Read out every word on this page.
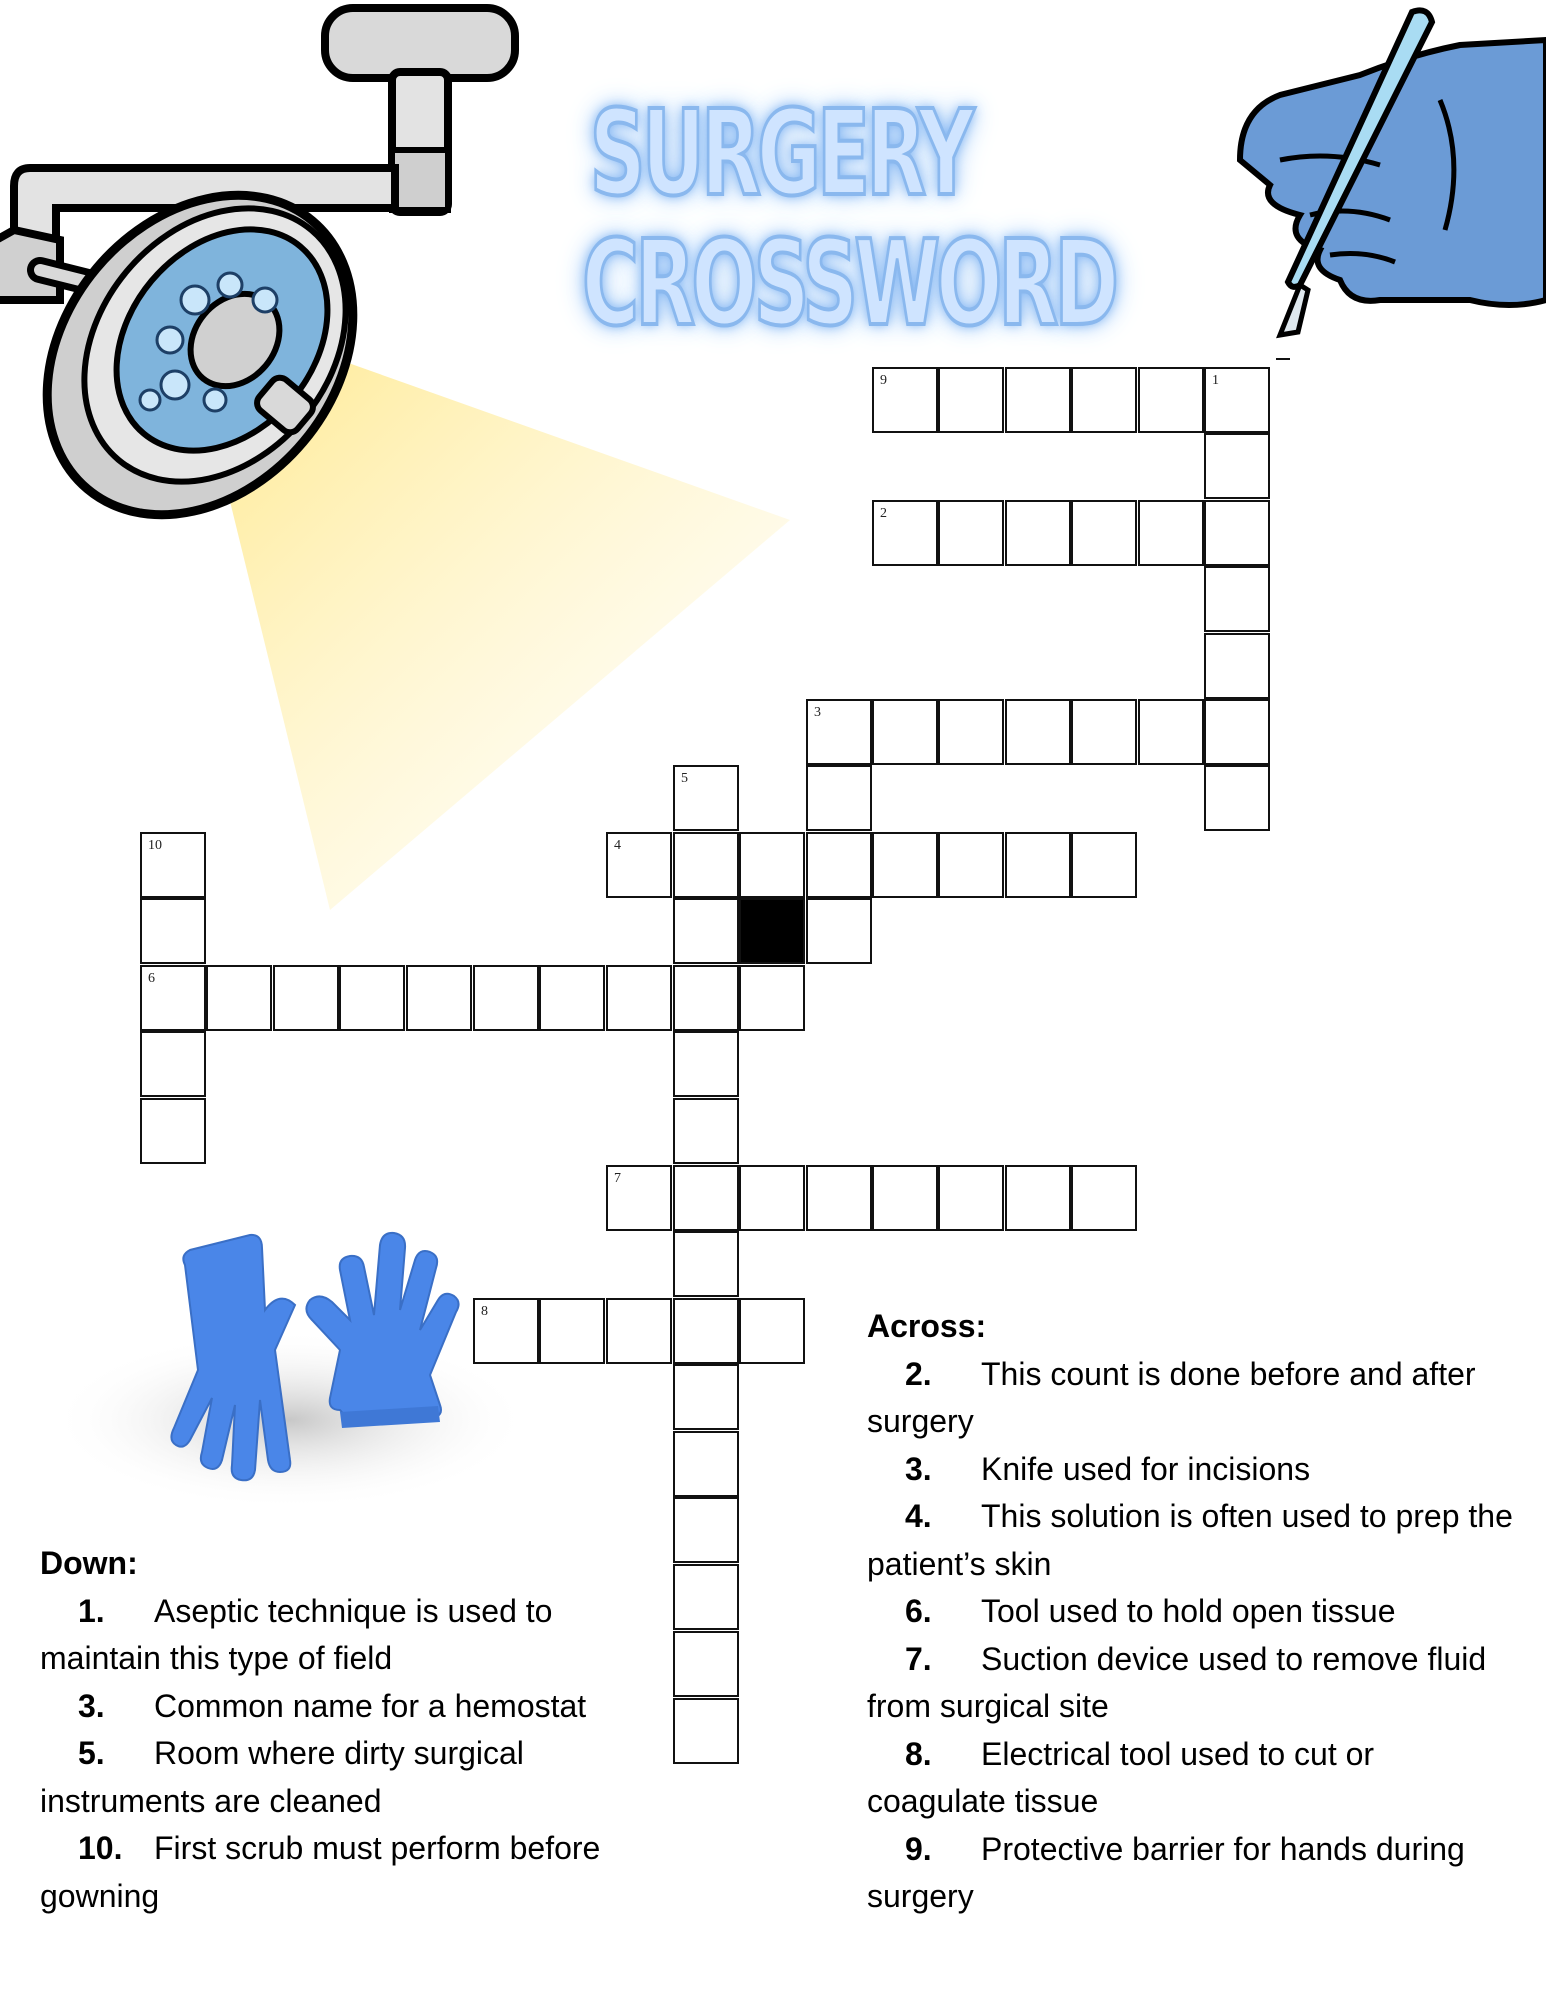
SURGERY
CROSSWORD
9	1
2
3
5
10	4
6
7
8	Across:
2. This count is done before and after surgery
3. Knife used for incisions
4. This solution is often used to prep the patient’s skin
6. Tool used to hold open tissue
7. Suction device used to remove fluid from surgical site
8. Electrical tool used to cut or coagulate tissue
9. Protective barrier for hands during surgery
Down:
1. Aseptic technique is used to maintain this type of field
3. Common name for a hemostat
5. Room where dirty surgical instruments are cleaned
10. First scrub must perform before gowning
